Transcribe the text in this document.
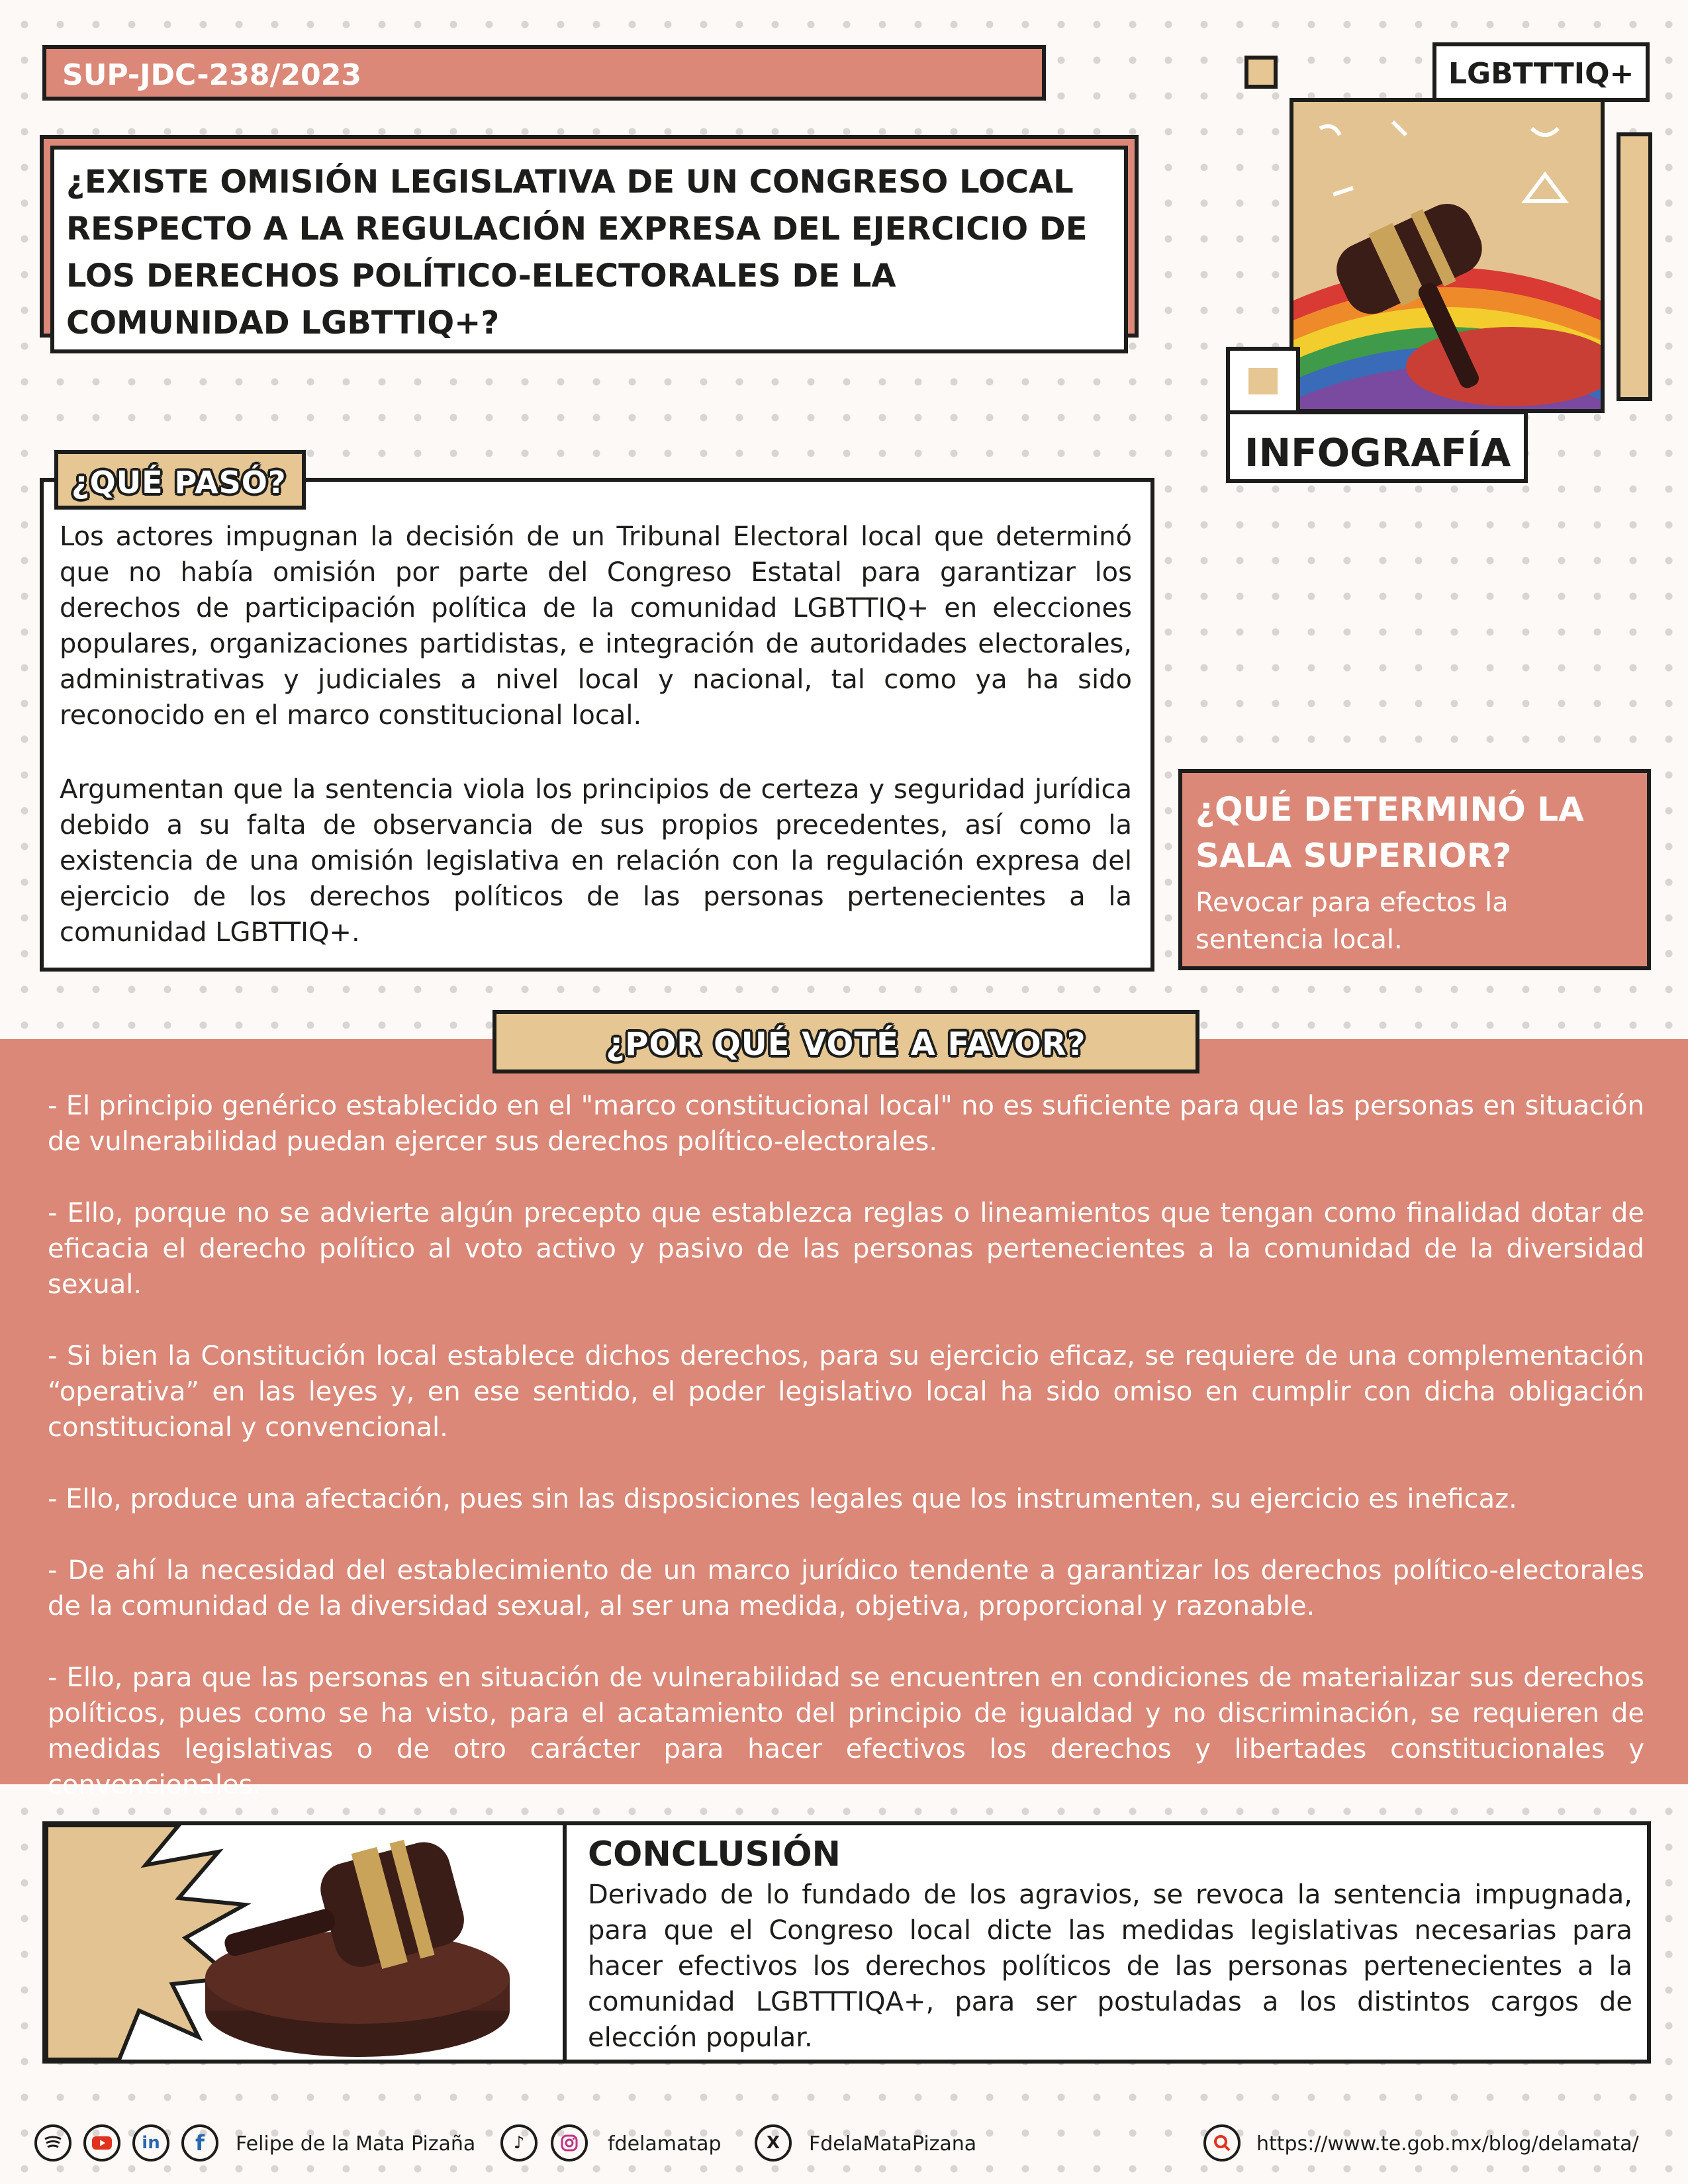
SUP-JDC-238/2023
¿EXISTE OMISIÓN LEGISLATIVA DE UN CONGRESO LOCAL RESPECTO A LA REGULACIÓN EXPRESA DEL EJERCICIO DE LOS DERECHOS POLÍTICO-ELECTORALES DE LA COMUNIDAD LGBTTIQ+?
LGBTTTIQ+
INFOGRAFÍA
¿QUÉ PASÓ?
Los actores impugnan la decisión de un Tribunal Electoral local que determinó que no había omisión por parte del Congreso Estatal para garantizar los derechos de participación política de la comunidad LGBTTIQ+ en elecciones populares, organizaciones partidistas, e integración de autoridades electorales, administrativas y judiciales a nivel local y nacional, tal como ya ha sido reconocido en el marco constitucional local.
Argumentan que la sentencia viola los principios de certeza y seguridad jurídica debido a su falta de observancia de sus propios precedentes, así como la existencia de una omisión legislativa en relación con la regulación expresa del ejercicio de los derechos políticos de las personas pertenecientes a la comunidad LGBTTIQ+.
¿QUÉ DETERMINÓ LA SALA SUPERIOR?
Revocar para efectos la sentencia local.
¿POR QUÉ VOTÉ A FAVOR?
- El principio genérico establecido en el "marco constitucional local" no es suficiente para que las personas en situación de vulnerabilidad puedan ejercer sus derechos político-electorales.
- Ello, porque no se advierte algún precepto que establezca reglas o lineamientos que tengan como finalidad dotar de eficacia el derecho político al voto activo y pasivo de las personas pertenecientes a la comunidad de la diversidad sexual.
- Si bien la Constitución local establece dichos derechos, para su ejercicio eficaz, se requiere de una complementación “operativa” en las leyes y, en ese sentido, el poder legislativo local ha sido omiso en cumplir con dicha obligación constitucional y convencional.
- Ello, produce una afectación, pues sin las disposiciones legales que los instrumenten, su ejercicio es ineficaz.
- De ahí la necesidad del establecimiento de un marco jurídico tendente a garantizar los derechos político-electorales de la comunidad de la diversidad sexual, al ser una medida, objetiva, proporcional y razonable.
- Ello, para que las personas en situación de vulnerabilidad se encuentren en condiciones de materializar sus derechos políticos, pues como se ha visto, para el acatamiento del principio de igualdad y no discriminación, se requieren de medidas legislativas o de otro carácter para hacer efectivos los derechos y libertades constitucionales y convencionales.
CONCLUSIÓN
Derivado de lo fundado de los agravios, se revoca la sentencia impugnada, para que el Congreso local dicte las medidas legislativas necesarias para hacer efectivos los derechos políticos de las personas pertenecientes a la comunidad LGBTTTIQA+, para ser postuladas a los distintos cargos de elección popular.
in	f	Felipe de la Mata Pizaña	♪	fdelamatap	X	FdelaMataPizana	https://www.te.gob.mx/blog/delamata/
